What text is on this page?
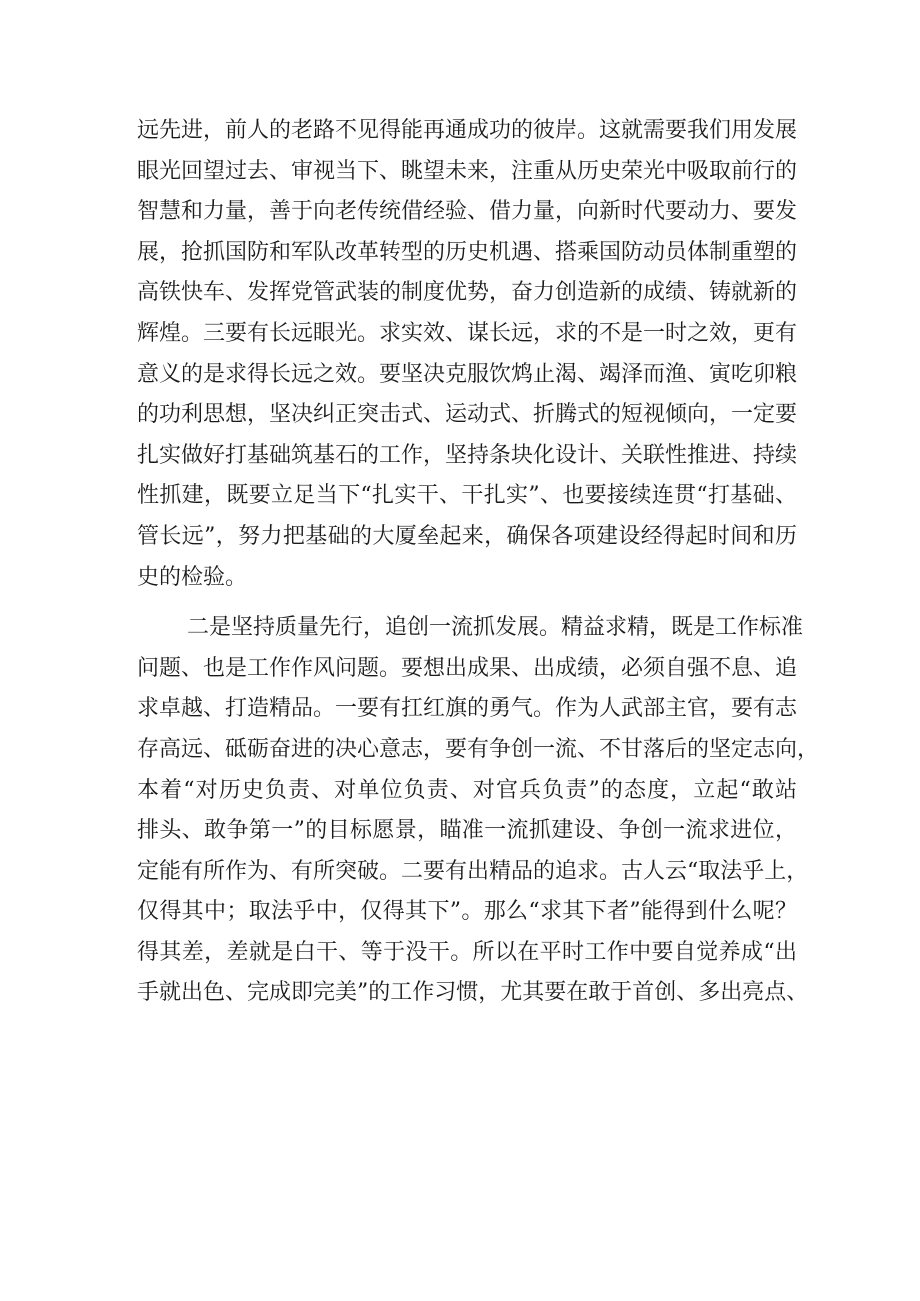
远先进，前人的老路不见得能再通成功的彼岸。这就需要我们用发展
眼光回望过去、审视当下、眺望未来，注重从历史荣光中吸取前行的
智慧和力量，善于向老传统借经验、借力量，向新时代要动力、要发
展，抢抓国防和军队改革转型的历史机遇、搭乘国防动员体制重塑的
高铁快车、发挥党管武装的制度优势，奋力创造新的成绩、铸就新的
辉煌。三要有长远眼光。求实效、谋长远，求的不是一时之效，更有
意义的是求得长远之效。要坚决克服饮鸩止渴、竭泽而渔、寅吃卯粮
的功利思想，坚决纠正突击式、运动式、折腾式的短视倾向，一定要
扎实做好打基础筑基石的工作，坚持条块化设计、关联性推进、持续
性抓建，既要立足当下“扎实干、干扎实”、也要接续连贯“打基础、
管长远”，努力把基础的大厦垒起来，确保各项建设经得起时间和历
史的检验。
二是坚持质量先行，追创一流抓发展。精益求精，既是工作标准
问题、也是工作作风问题。要想出成果、出成绩，必须自强不息、追
求卓越、打造精品。一要有扛红旗的勇气。作为人武部主官，要有志
存高远、砥砺奋进的决心意志，要有争创一流、不甘落后的坚定志向，
本着“对历史负责、对单位负责、对官兵负责”的态度，立起“敢站
排头、敢争第一”的目标愿景，瞄准一流抓建设、争创一流求进位，
定能有所作为、有所突破。二要有出精品的追求。古人云“取法乎上，
仅得其中；取法乎中，仅得其下”。那么“求其下者”能得到什么呢？
得其差，差就是白干、等于没干。所以在平时工作中要自觉养成“出
手就出色、完成即完美”的工作习惯，尤其要在敢于首创、多出亮点、
